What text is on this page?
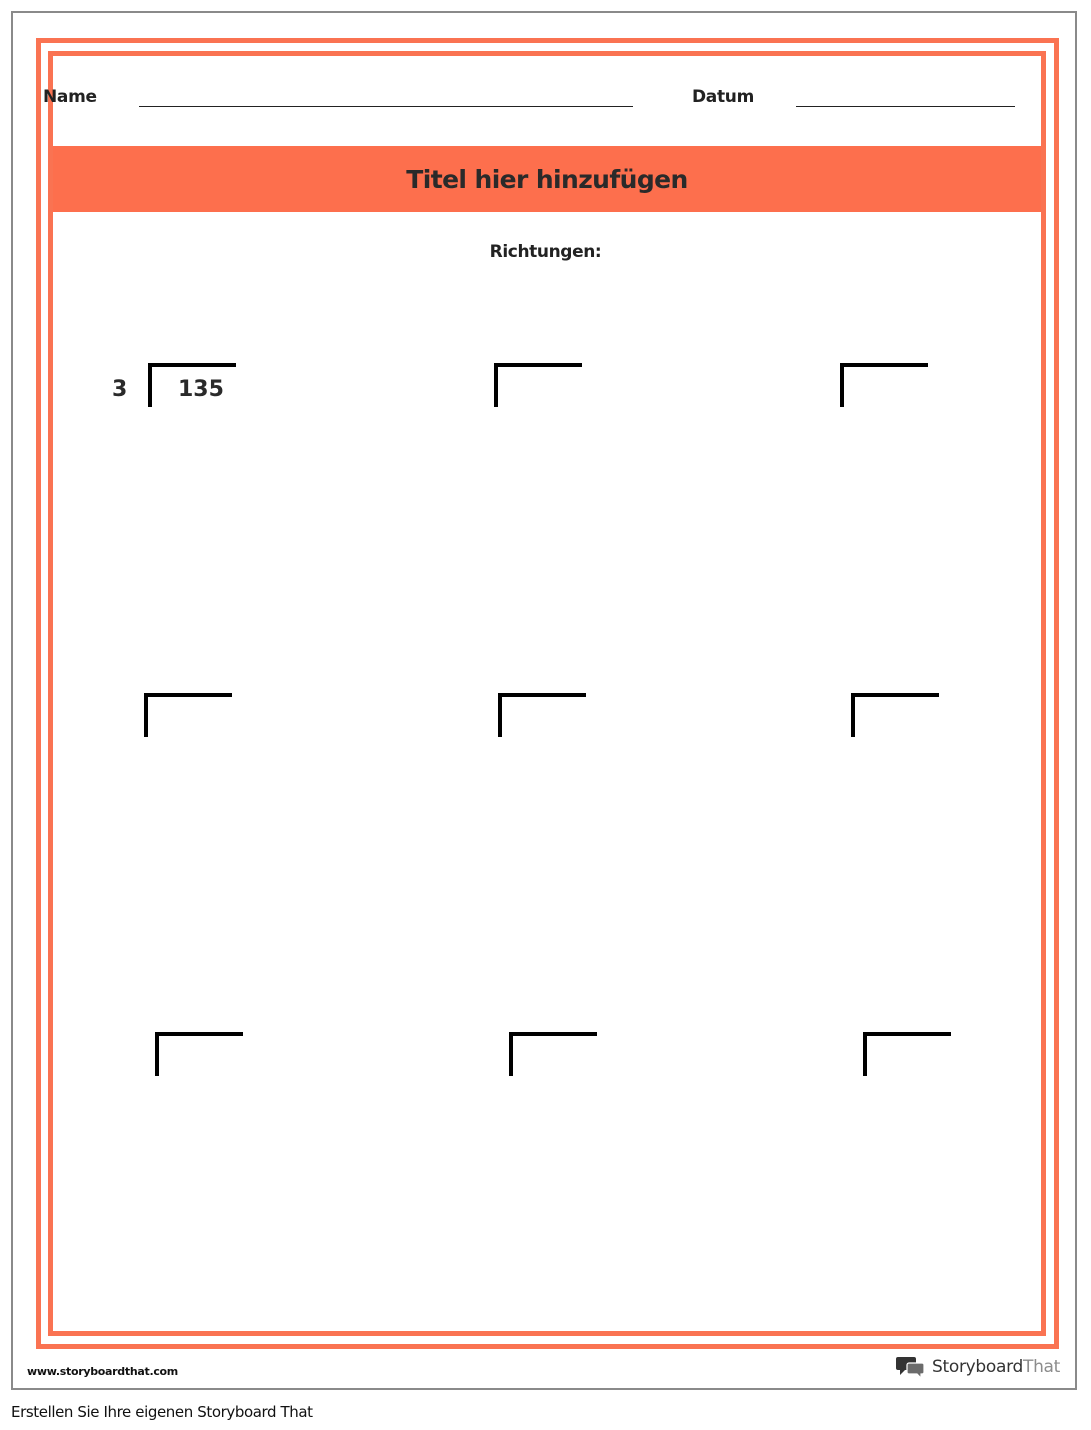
Name	Datum
Titel hier hinzufügen
Richtungen:
3 135
www.storyboardthat.com	StoryboardThat
Erstellen Sie Ihre eigenen Storyboard That
